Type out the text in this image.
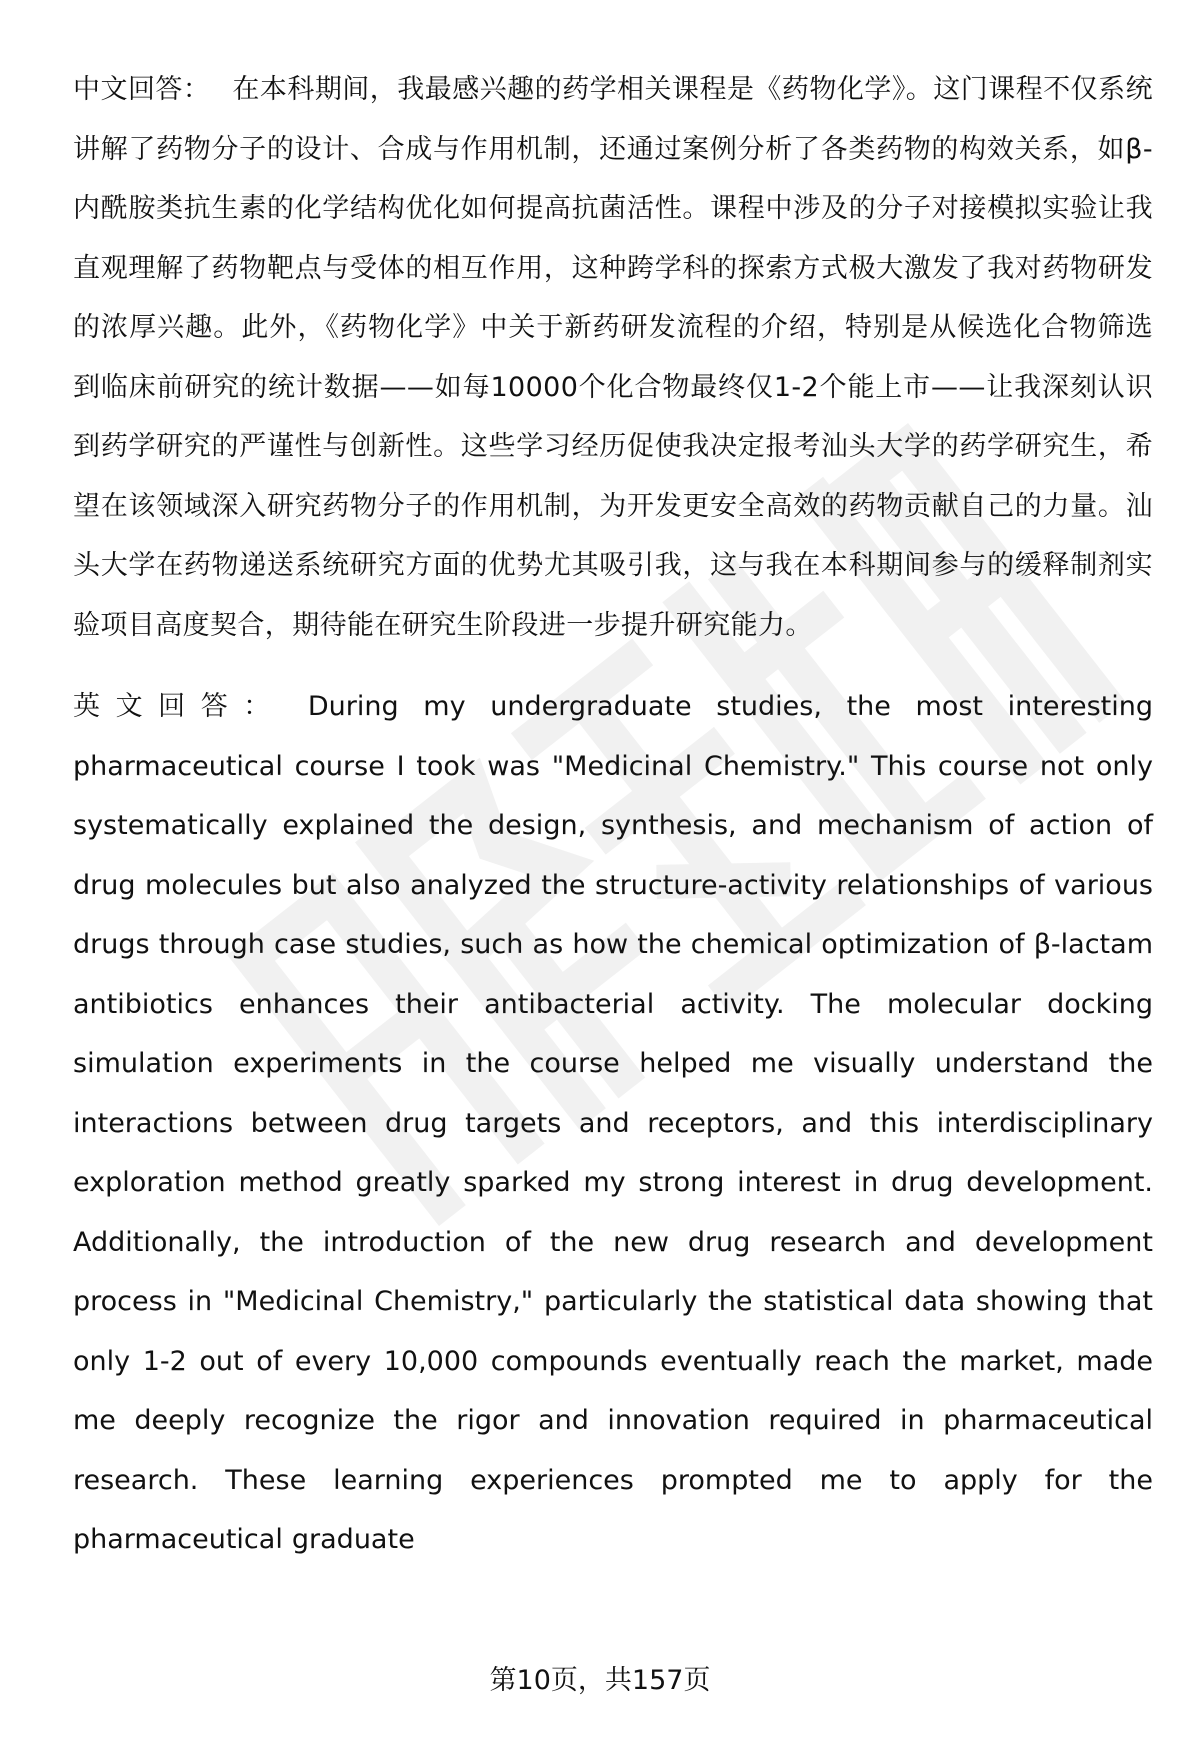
中文回答： 在本科期间，我最感兴趣的药学相关课程是《药物化学》。这门课程不仅系统讲解了药物分子的设计、合成与作用机制，还通过案例分析了各类药物的构效关系，如β-内酰胺类抗生素的化学结构优化如何提高抗菌活性。课程中涉及的分子对接模拟实验让我直观理解了药物靶点与受体的相互作用，这种跨学科的探索方式极大激发了我对药物研发的浓厚兴趣。此外，《药物化学》中关于新药研发流程的介绍，特别是从候选化合物筛选到临床前研究的统计数据——如每10000个化合物最终仅1-2个能上市——让我深刻认识到药学研究的严谨性与创新性。这些学习经历促使我决定报考汕头大学的药学研究生，希望在该领域深入研究药物分子的作用机制，为开发更安全高效的药物贡献自己的力量。汕头大学在药物递送系统研究方面的优势尤其吸引我，这与我在本科期间参与的缓释制剂实验项目高度契合，期待能在研究生阶段进一步提升研究能力。

英文回答： During my undergraduate studies, the most interesting pharmaceutical course I took was "Medicinal Chemistry." This course not only systematically explained the design, synthesis, and mechanism of action of drug molecules but also analyzed the structure-activity relationships of various drugs through case studies, such as how the chemical optimization of β-lactam antibiotics enhances their antibacterial activity. The molecular docking simulation experiments in the course helped me visually understand the interactions between drug targets and receptors, and this interdisciplinary exploration method greatly sparked my strong interest in drug development. Additionally, the introduction of the new drug research and development process in "Medicinal Chemistry," particularly the statistical data showing that only 1-2 out of every 10,000 compounds eventually reach the market, made me deeply recognize the rigor and innovation required in pharmaceutical research. These learning experiences prompted me to apply for the pharmaceutical graduate

第10页，共157页
